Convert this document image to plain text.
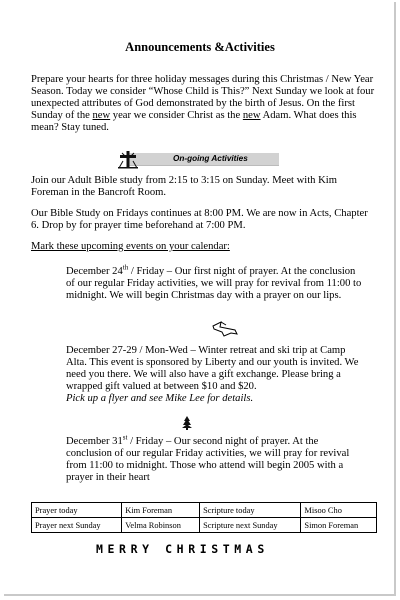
Announcements &Activities
Prepare your hearts for three holiday messages during this Christmas / New Year Season. Today we consider “Whose Child is This?” Next Sunday we look at four unexpected attributes of God demonstrated by the birth of Jesus. On the first Sunday of the new year we consider Christ as the new Adam. What does this mean? Stay tuned.
On-going Activities
Join our Adult Bible study from 2:15 to 3:15 on Sunday. Meet with Kim Foreman in the Bancroft Room.
Our Bible Study on Fridays continues at 8:00 PM. We are now in Acts, Chapter 6. Drop by for prayer time beforehand at 7:00 PM.
Mark these upcoming events on your calendar:
December 24th / Friday – Our first night of prayer. At the conclusion of our regular Friday activities, we will pray for revival from 11:00 to midnight. We will begin Christmas day with a prayer on our lips.
December 27-29 / Mon-Wed – Winter retreat and ski trip at Camp Alta. This event is sponsored by Liberty and our youth is invited. We need you there. We will also have a gift exchange. Please bring a wrapped gift valued at between $10 and $20.
Pick up a flyer and see Mike Lee for details.
December 31st / Friday – Our second night of prayer. At the conclusion of our regular Friday activities, we will pray for revival from 11:00 to midnight. Those who attend will begin 2005 with a prayer in their heart
Prayer today	Kim Foreman	Scripture today	Misoo Cho
Prayer next Sunday	Velma Robinson	Scripture next Sunday	Simon Foreman
MERRY CHRISTMAS
